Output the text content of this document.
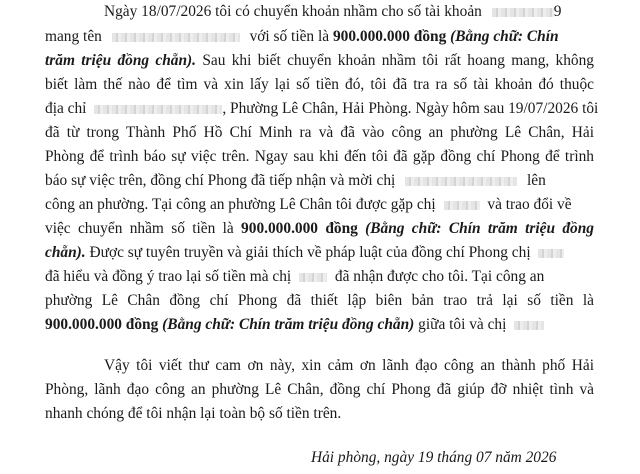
Ngày 18/07/2026 tôi có chuyển khoản nhầm cho số tài khoản	9
mang tên	với số tiền là 900.000.000 đồng (Bằng chữ: Chín
trăm triệu đồng chẵn). Sau khi biết chuyển khoản nhầm tôi rất hoang mang, không
biết làm thế nào để tìm và xin lấy lại số tiền đó, tôi đã tra ra số tài khoản đó thuộc
địa chỉ	, Phường Lê Chân, Hải Phòng. Ngày hôm sau 19/07/2026 tôi
đã từ trong Thành Phố Hồ Chí Minh ra và đã vào công an phường Lê Chân, Hải
Phòng để trình báo sự việc trên. Ngay sau khi đến tôi đã gặp đồng chí Phong để trình
báo sự việc trên, đồng chí Phong đã tiếp nhận và mời chị	lên
công an phường. Tại công an phường Lê Chân tôi được gặp chị	và trao đổi về
việc chuyển nhầm số tiền là 900.000.000 đồng (Bằng chữ: Chín trăm triệu đồng
chẵn). Được sự tuyên truyền và giải thích về pháp luật của đồng chí Phong chị
đã hiểu và đồng ý trao lại số tiền mà chị	đã nhận được cho tôi. Tại công an
phường Lê Chân đồng chí Phong đã thiết lập biên bản trao trả lại số tiền là
900.000.000 đồng (Bằng chữ: Chín trăm triệu đồng chẵn) giữa tôi và chị
Vậy tôi viết thư cam ơn này, xin cảm ơn lãnh đạo công an thành phố Hải
Phòng, lãnh đạo công an phường Lê Chân, đồng chí Phong đã giúp đỡ nhiệt tình và
nhanh chóng để tôi nhận lại toàn bộ số tiền trên.
Hải phòng, ngày 19 tháng 07 năm 2026
